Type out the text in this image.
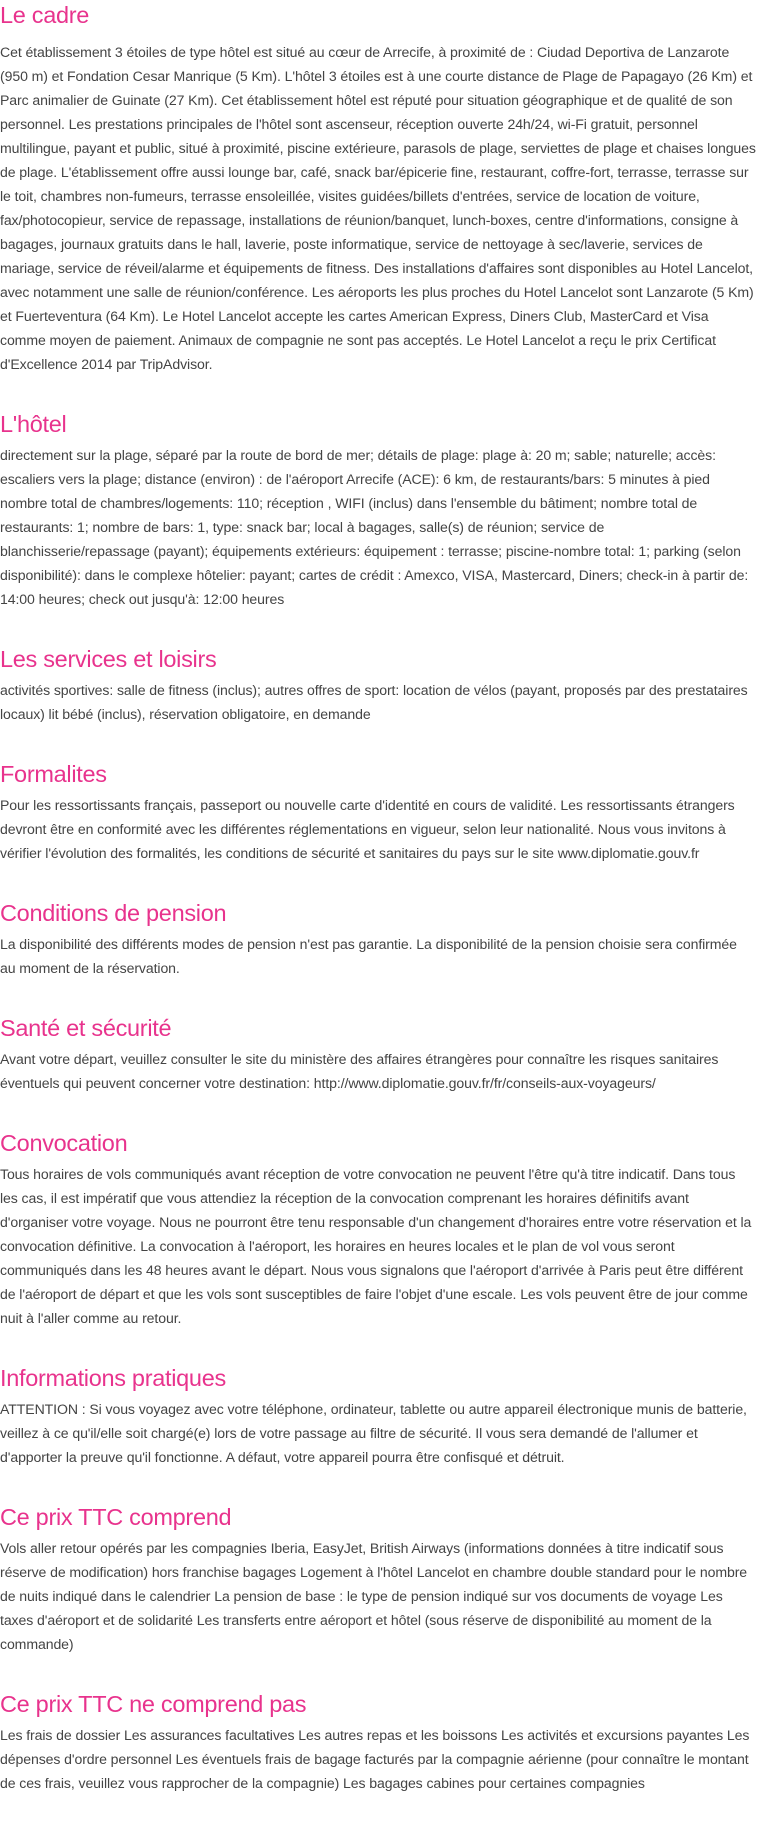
Le cadre

Cet établissement 3 étoiles de type hôtel est situé au cœur de Arrecife, à proximité de : Ciudad Deportiva de Lanzarote (950 m) et Fondation Cesar Manrique (5 Km). L'hôtel 3 étoiles est à une courte distance de Plage de Papagayo (26 Km) et Parc animalier de Guinate (27 Km). Cet établissement hôtel est réputé pour situation géographique et de qualité de son personnel. Les prestations principales de l'hôtel sont ascenseur, réception ouverte 24h/24, wi-Fi gratuit, personnel multilingue, payant et public, situé à proximité, piscine extérieure, parasols de plage, serviettes de plage et chaises longues de plage. L'établissement offre aussi lounge bar, café, snack bar/épicerie fine, restaurant, coffre-fort, terrasse, terrasse sur le toit, chambres non-fumeurs, terrasse ensoleillée, visites guidées/billets d'entrées, service de location de voiture, fax/photocopieur, service de repassage, installations de réunion/banquet, lunch-boxes, centre d'informations, consigne à bagages, journaux gratuits dans le hall, laverie, poste informatique, service de nettoyage à sec/laverie, services de mariage, service de réveil/alarme et équipements de fitness. Des installations d'affaires sont disponibles au Hotel Lancelot, avec notamment une salle de réunion/conférence. Les aéroports les plus proches du Hotel Lancelot sont Lanzarote (5 Km) et Fuerteventura (64 Km). Le Hotel Lancelot accepte les cartes American Express, Diners Club, MasterCard et Visa comme moyen de paiement. Animaux de compagnie ne sont pas acceptés. Le Hotel Lancelot a reçu le prix Certificat d'Excellence 2014 par TripAdvisor.

L'hôtel

directement sur la plage, séparé par la route de bord de mer; détails de plage: plage à: 20 m; sable; naturelle; accès: escaliers vers la plage; distance (environ) : de l'aéroport Arrecife (ACE): 6 km, de restaurants/bars: 5 minutes à pied nombre total de chambres/logements: 110; réception , WIFI (inclus) dans l'ensemble du bâtiment; nombre total de restaurants: 1; nombre de bars: 1, type: snack bar; local à bagages, salle(s) de réunion; service de blanchisserie/repassage (payant); équipements extérieurs: équipement : terrasse; piscine-nombre total: 1; parking (selon disponibilité): dans le complexe hôtelier: payant; cartes de crédit : Amexco, VISA, Mastercard, Diners; check-in à partir de: 14:00 heures; check out jusqu'à: 12:00 heures

Les services et loisirs

activités sportives: salle de fitness (inclus); autres offres de sport: location de vélos (payant, proposés par des prestataires locaux) lit bébé (inclus), réservation obligatoire, en demande

Formalites

Pour les ressortissants français, passeport ou nouvelle carte d'identité en cours de validité. Les ressortissants étrangers devront être en conformité avec les différentes réglementations en vigueur, selon leur nationalité. Nous vous invitons à vérifier l'évolution des formalités, les conditions de sécurité et sanitaires du pays sur le site www.diplomatie.gouv.fr

Conditions de pension

La disponibilité des différents modes de pension n'est pas garantie. La disponibilité de la pension choisie sera confirmée au moment de la réservation.

Santé et sécurité

Avant votre départ, veuillez consulter le site du ministère des affaires étrangères pour connaître les risques sanitaires éventuels qui peuvent concerner votre destination: http://www.diplomatie.gouv.fr/fr/conseils-aux-voyageurs/

Convocation

Tous horaires de vols communiqués avant réception de votre convocation ne peuvent l'être qu'à titre indicatif. Dans tous les cas, il est impératif que vous attendiez la réception de la convocation comprenant les horaires définitifs avant d'organiser votre voyage. Nous ne pourront être tenu responsable d'un changement d'horaires entre votre réservation et la convocation définitive. La convocation à l'aéroport, les horaires en heures locales et le plan de vol vous seront communiqués dans les 48 heures avant le départ. Nous vous signalons que l'aéroport d'arrivée à Paris peut être différent de l'aéroport de départ et que les vols sont susceptibles de faire l'objet d'une escale. Les vols peuvent être de jour comme nuit à l'aller comme au retour.

Informations pratiques

ATTENTION : Si vous voyagez avec votre téléphone, ordinateur, tablette ou autre appareil électronique munis de batterie, veillez à ce qu'il/elle soit chargé(e) lors de votre passage au filtre de sécurité. Il vous sera demandé de l'allumer et d'apporter la preuve qu'il fonctionne. A défaut, votre appareil pourra être confisqué et détruit.

Ce prix TTC comprend

Vols aller retour opérés par les compagnies Iberia, EasyJet, British Airways (informations données à titre indicatif sous réserve de modification) hors franchise bagages Logement à l'hôtel Lancelot en chambre double standard pour le nombre de nuits indiqué dans le calendrier La pension de base : le type de pension indiqué sur vos documents de voyage Les taxes d'aéroport et de solidarité Les transferts entre aéroport et hôtel (sous réserve de disponibilité au moment de la commande)

Ce prix TTC ne comprend pas

Les frais de dossier Les assurances facultatives Les autres repas et les boissons Les activités et excursions payantes Les dépenses d'ordre personnel Les éventuels frais de bagage facturés par la compagnie aérienne (pour connaître le montant de ces frais, veuillez vous rapprocher de la compagnie) Les bagages cabines pour certaines compagnies
